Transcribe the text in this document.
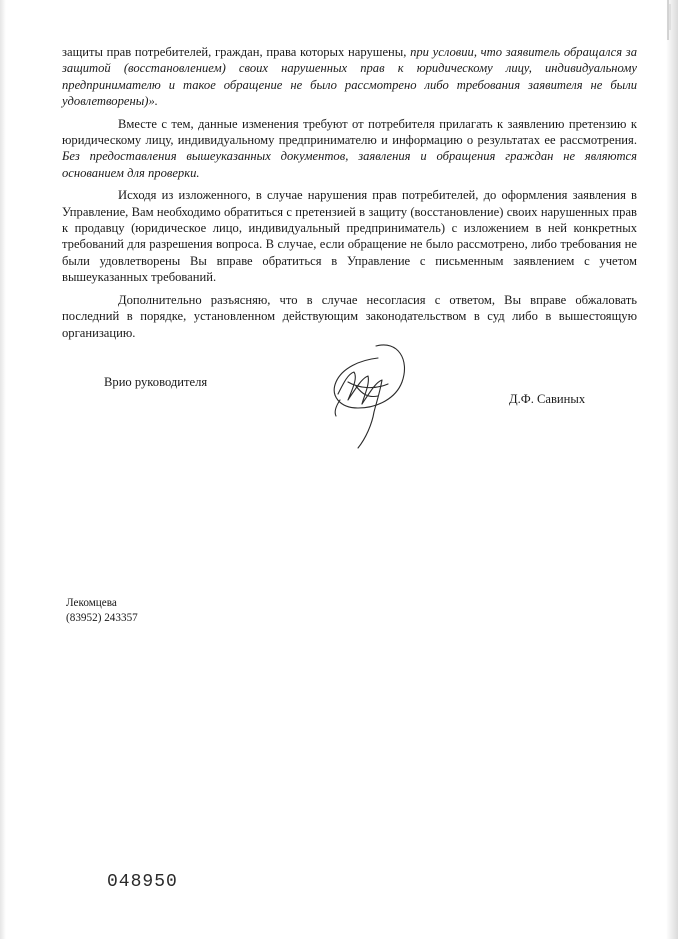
защиты прав потребителей, граждан, права которых нарушены, при условии, что заявитель обращался за защитой (восстановлением) своих нарушенных прав к юридическому лицу, индивидуальному предпринимателю и такое обращение не было рассмотрено либо требования заявителя не были удовлетворены)».

Вместе с тем, данные изменения требуют от потребителя прилагать к заявлению претензию к юридическому лицу, индивидуальному предпринимателю и информацию о результатах ее рассмотрения. Без предоставления вышеуказанных документов, заявления и обращения граждан не являются основанием для проверки.

Исходя из изложенного, в случае нарушения прав потребителей, до оформления заявления в Управление, Вам необходимо обратиться с претензией в защиту (восстановление) своих нарушенных прав к продавцу (юридическое лицо, индивидуальный предприниматель) с изложением в ней конкретных требований для разрешения вопроса. В случае, если обращение не было рассмотрено, либо требования не были удовлетворены Вы вправе обратиться в Управление с письменным заявлением с учетом вышеуказанных требований.

Дополнительно разъясняю, что в случае несогласия с ответом, Вы вправе обжаловать последний в порядке, установленном действующим законодательством в суд либо в вышестоящую организацию.

Врио руководителя
Д.Ф. Савиных
Лекомцева
(83952) 243357
048950
